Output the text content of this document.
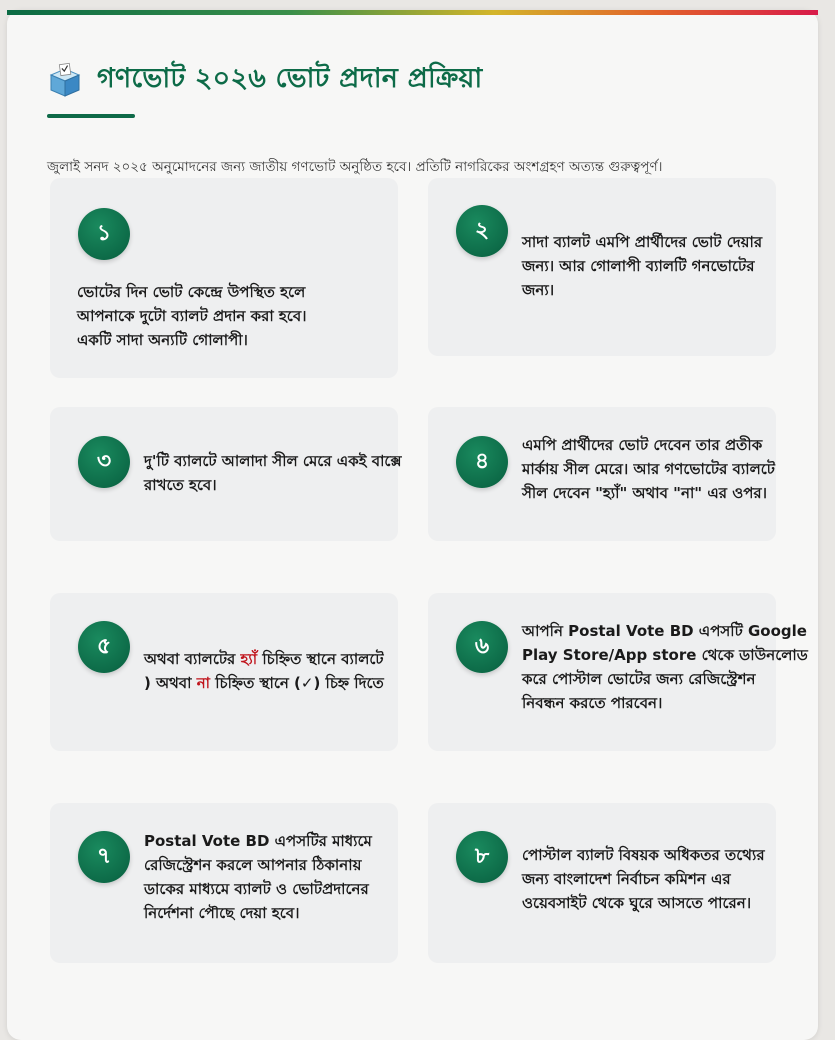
গণভোট ২০২৬ ভোট প্রদান প্রক্রিয়া
জুলাই সনদ ২০২৫ অনুমোদনের জন্য জাতীয় গণভোট অনুষ্ঠিত হবে। প্রতিটি নাগরিকের অংশগ্রহণ অত্যন্ত গুরুত্বপূর্ণ।
১
ভোটের দিন ভোট কেন্দ্রে উপস্থিত হলে
আপনাকে দুটো ব্যালট প্রদান করা হবে।
একটি সাদা অন্যটি গোলাপী।
২	সাদা ব্যালট এমপি প্রার্থীদের ভোট দেয়ার
জন্য। আর গোলাপী ব্যালটি গনভোটের
জন্য।
৩	দু'টি ব্যালটে আলাদা সীল মেরে একই বাক্সে
রাখতে হবে।
৪
এমপি প্রার্থীদের ভোট দেবেন তার প্রতীক
মার্কায় সীল মেরে। আর গণভোটের ব্যালটে
সীল দেবেন "হ্যাঁ" অথাব "না" এর ওপর।
৫
অথবা ব্যালটের হ্যাঁ চিহ্নিত স্থানে ব্যালটে
) অথবা না চিহ্নিত স্থানে (✓) চিহ্ন দিতে
৬
আপনি Postal Vote BD এপসটি Google
Play Store/App store থেকে ডাউনলোড
করে পোস্টাল ভোটের জন্য রেজিস্ট্রেশন
নিবন্ধন করতে পারবেন।
৭
Postal Vote BD এপসটির মাধ্যমে
রেজিস্ট্রেশন করলে আপনার ঠিকানায়
ডাকের মাধ্যমে ব্যালট ও ভোটপ্রদানের
নির্দেশনা পৌছে দেয়া হবে।
৮	পোস্টাল ব্যালট বিষয়ক অধিকতর তথ্যের
জন্য বাংলাদেশ নির্বাচন কমিশন এর
ওয়েবসাইট থেকে ঘুরে আসতে পারেন।
